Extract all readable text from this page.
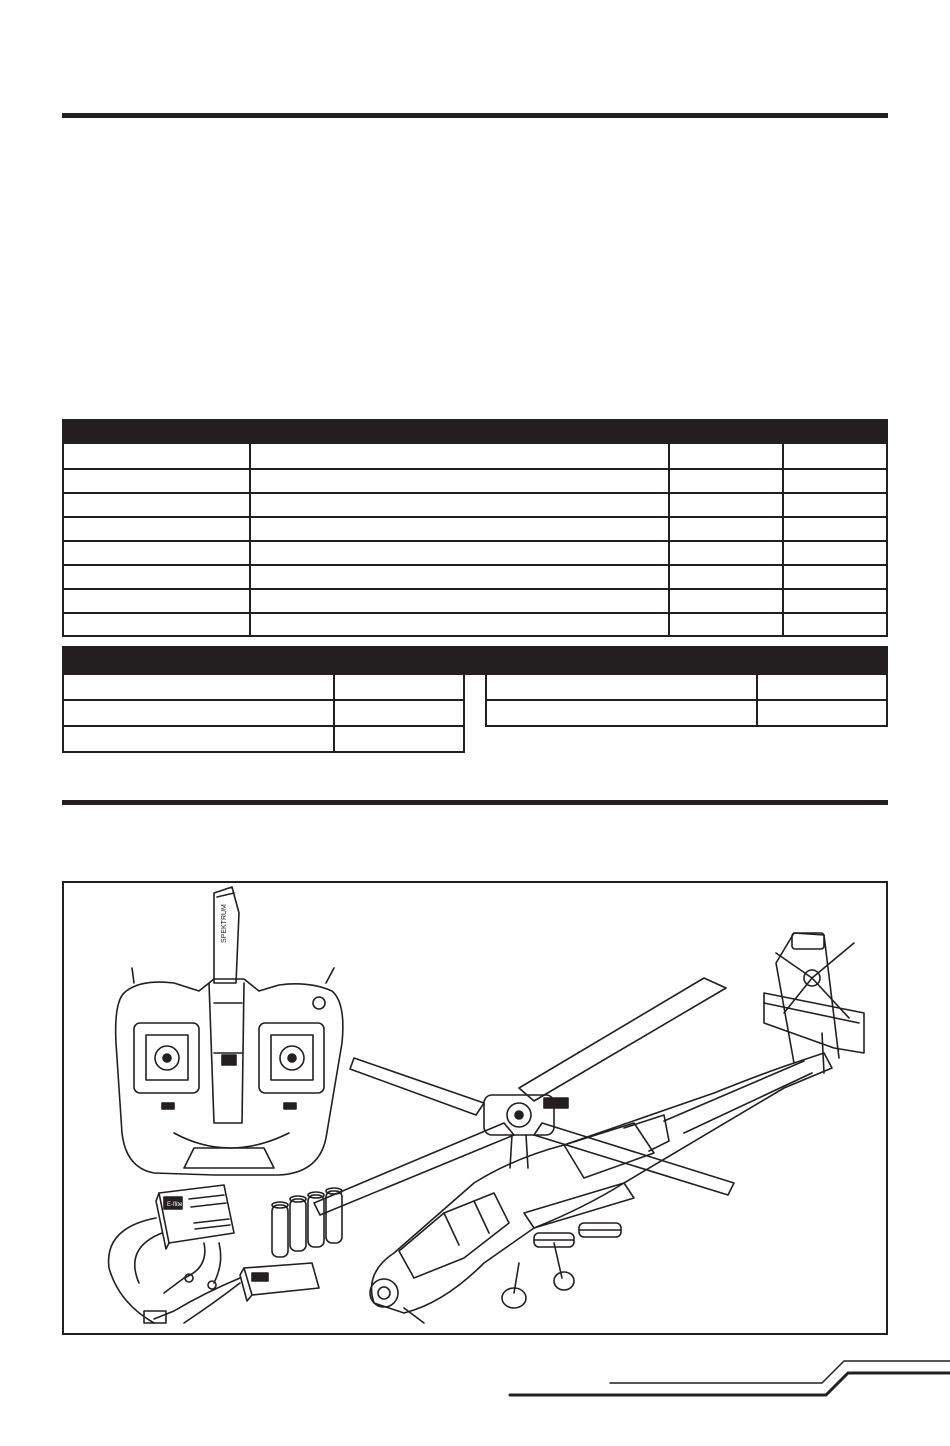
SPEKTRUM
E-flite
